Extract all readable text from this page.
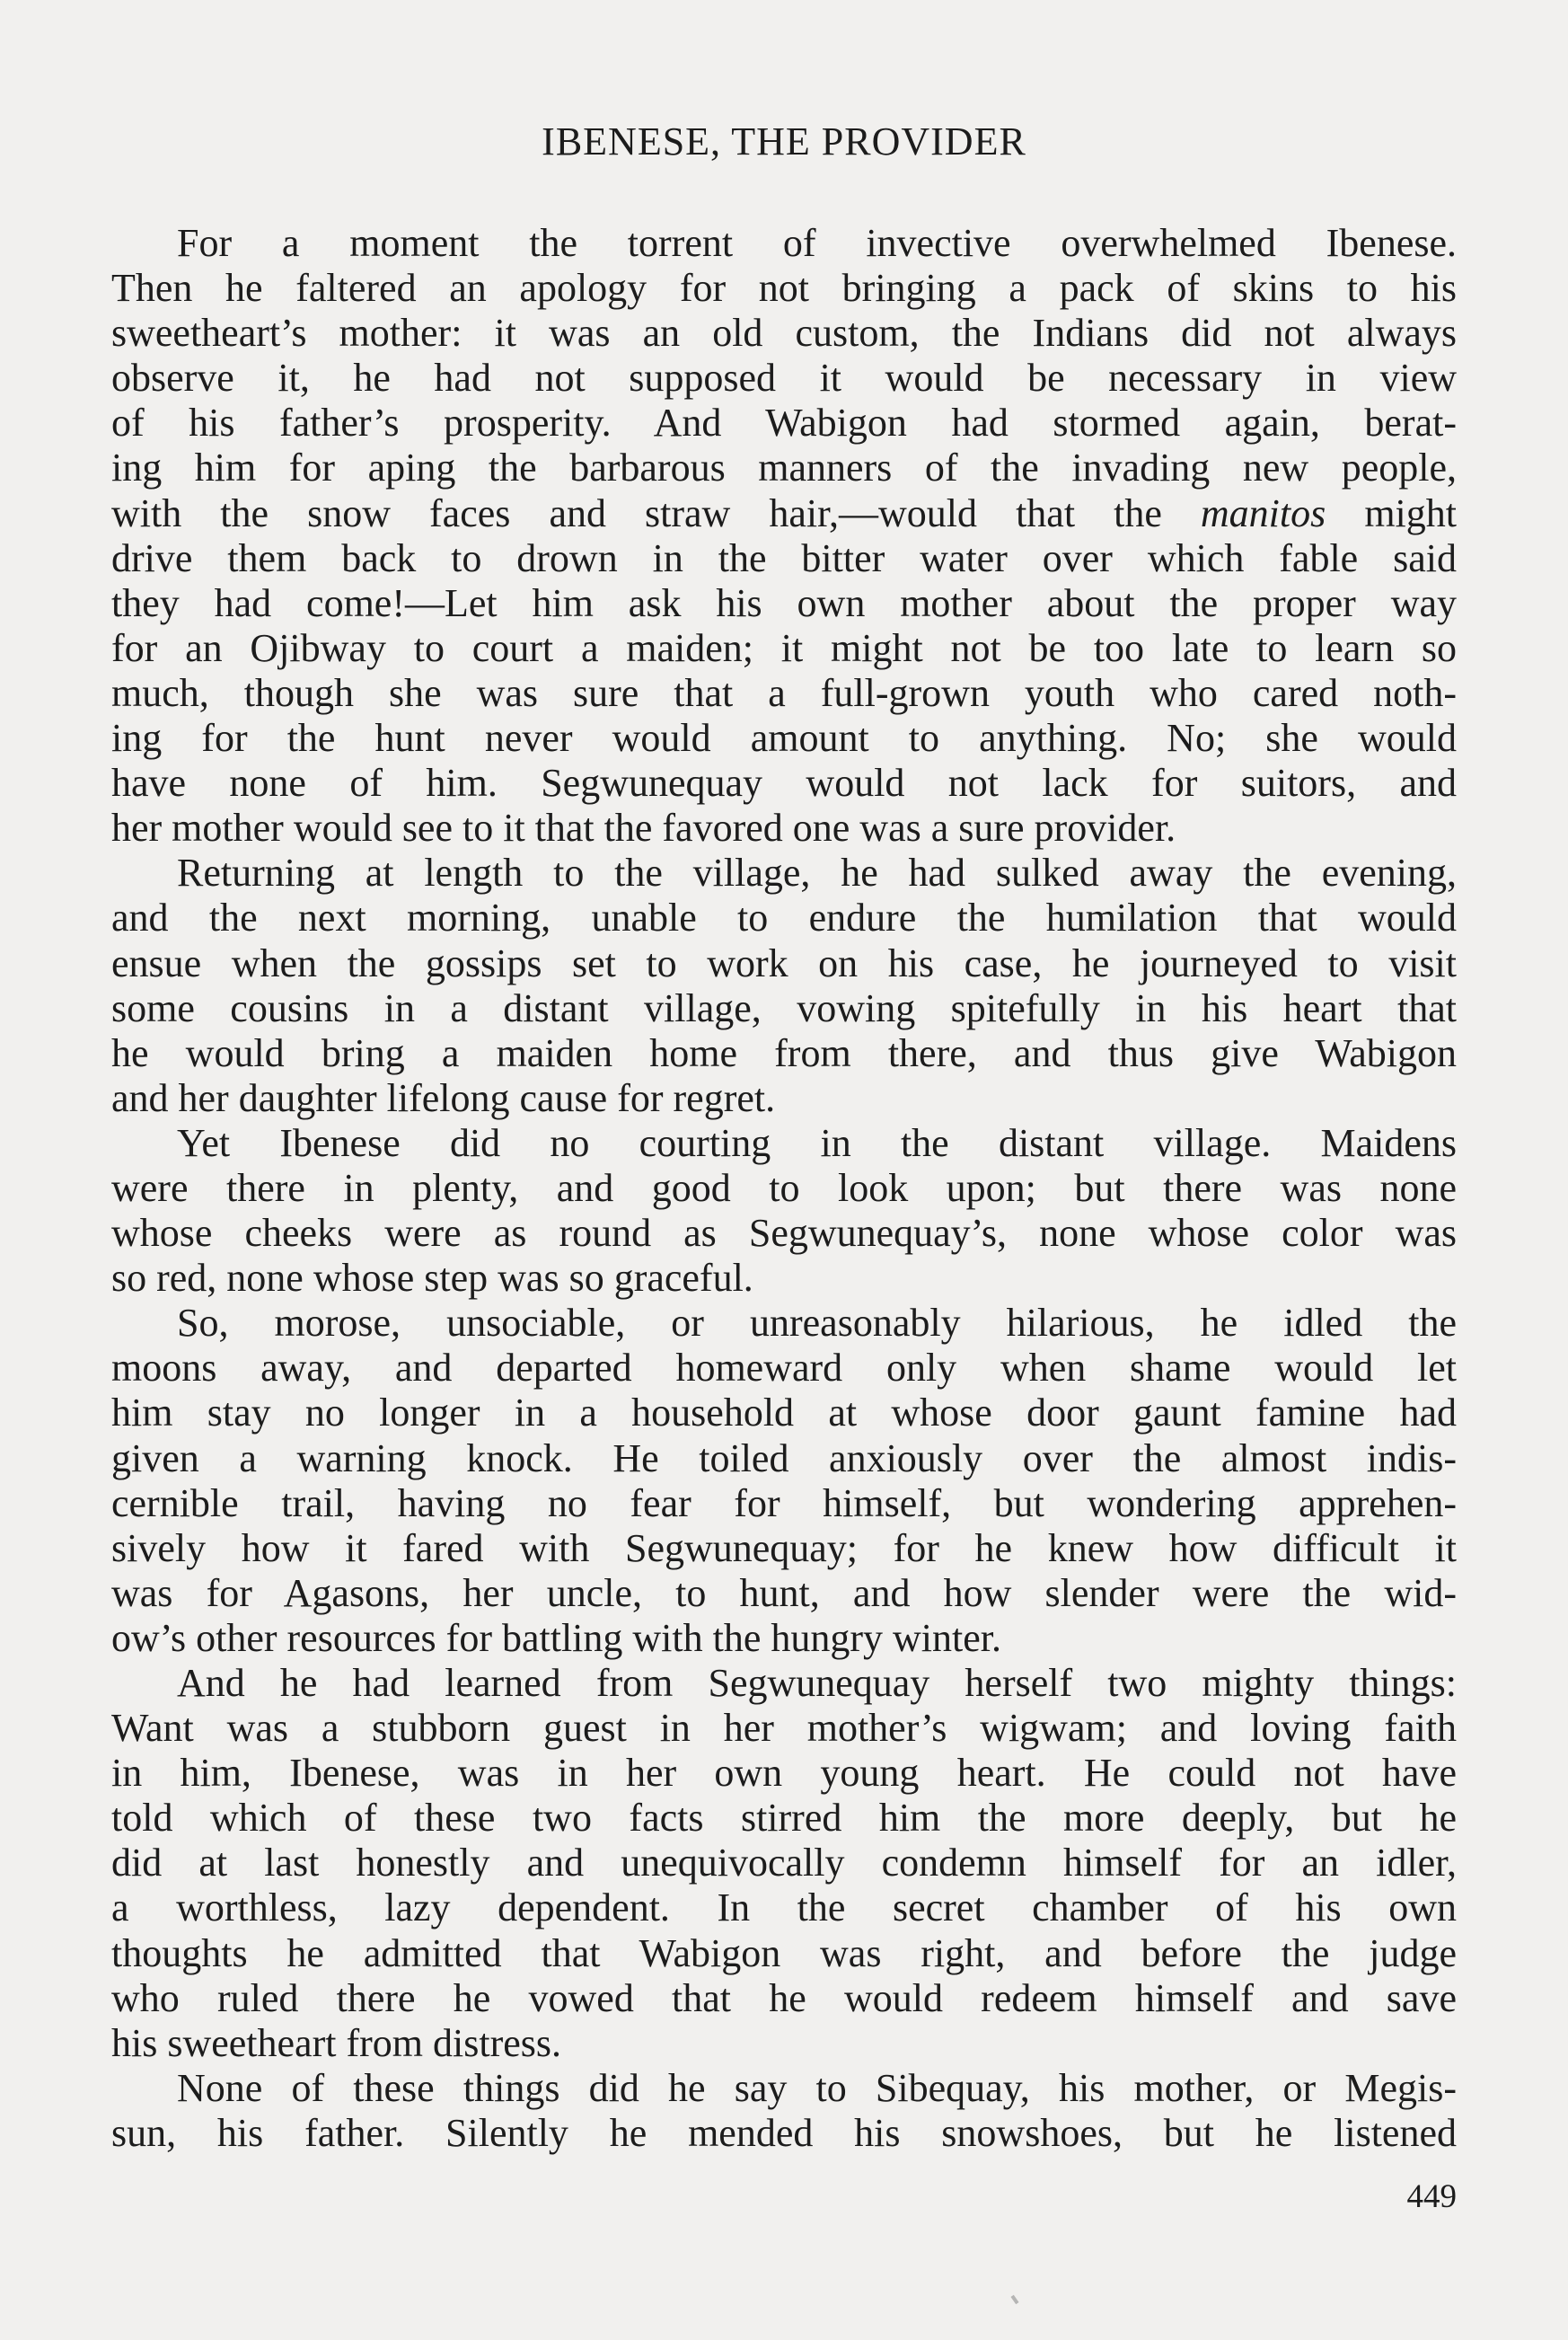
IBENESE, THE PROVIDER
For a moment the torrent of invective overwhelmed Ibenese.
Then he faltered an apology for not bringing a pack of skins to his
sweetheart’s mother: it was an old custom, the Indians did not always
observe it, he had not supposed it would be necessary in view
of his father’s prosperity. And Wabigon had stormed again, berat-
ing him for aping the barbarous manners of the invading new people,
with the snow faces and straw hair,—would that the manitos might
drive them back to drown in the bitter water over which fable said
they had come!—Let him ask his own mother about the proper way
for an Ojibway to court a maiden; it might not be too late to learn so
much, though she was sure that a full-grown youth who cared noth-
ing for the hunt never would amount to anything. No; she would
have none of him. Segwunequay would not lack for suitors, and
her mother would see to it that the favored one was a sure provider.
Returning at length to the village, he had sulked away the evening,
and the next morning, unable to endure the humilation that would
ensue when the gossips set to work on his case, he journeyed to visit
some cousins in a distant village, vowing spitefully in his heart that
he would bring a maiden home from there, and thus give Wabigon
and her daughter lifelong cause for regret.
Yet Ibenese did no courting in the distant village. Maidens
were there in plenty, and good to look upon; but there was none
whose cheeks were as round as Segwunequay’s, none whose color was
so red, none whose step was so graceful.
So, morose, unsociable, or unreasonably hilarious, he idled the
moons away, and departed homeward only when shame would let
him stay no longer in a household at whose door gaunt famine had
given a warning knock. He toiled anxiously over the almost indis-
cernible trail, having no fear for himself, but wondering apprehen-
sively how it fared with Segwunequay; for he knew how difficult it
was for Agasons, her uncle, to hunt, and how slender were the wid-
ow’s other resources for battling with the hungry winter.
And he had learned from Segwunequay herself two mighty things:
Want was a stubborn guest in her mother’s wigwam; and loving faith
in him, Ibenese, was in her own young heart. He could not have
told which of these two facts stirred him the more deeply, but he
did at last honestly and unequivocally condemn himself for an idler,
a worthless, lazy dependent. In the secret chamber of his own
thoughts he admitted that Wabigon was right, and before the judge
who ruled there he vowed that he would redeem himself and save
his sweetheart from distress.
None of these things did he say to Sibequay, his mother, or Megis-
sun, his father. Silently he mended his snowshoes, but he listened
449
